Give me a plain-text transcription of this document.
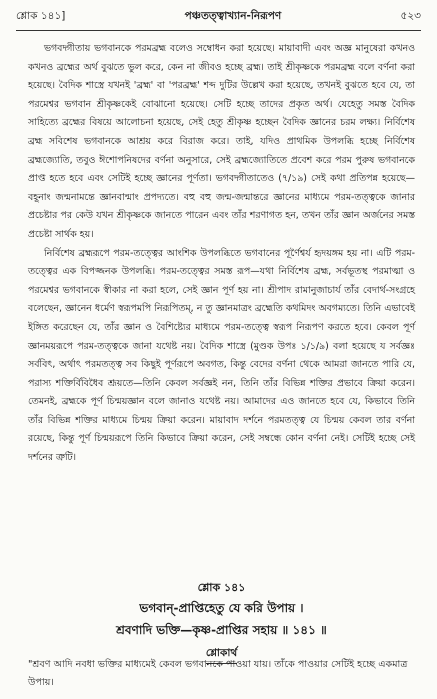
শ্লোক ১৪১]	পঞ্চতত্ত্বাখ্যান-নিরূপণ	৫২৩

ভগবদ্গীতায় ভগবানকে পরমব্রহ্ম বলেও সম্বোধন করা হয়েছে। মায়াবাদী এবং অজ্ঞ মানুষেরা কখনও কখনও ব্রহ্মের অর্থ বুঝতে ভুল করে, কেন না জীবও হচ্ছে ব্রহ্ম। তাই শ্রীকৃষ্ণকে পরমব্রহ্ম বলে বর্ণনা করা হয়েছে। বৈদিক শাস্ত্রে যখনই 'ব্রহ্ম' বা 'পরব্রহ্ম' শব্দ দুটির উল্লেখ করা হয়েছে, তখনই বুঝতে হবে যে, তা পরমেশ্বর ভগবান শ্রীকৃষ্ণকেই বোঝানো হয়েছে। সেটি হচ্ছে তাদের প্রকৃত অর্থ। যেহেতু সমস্ত বৈদিক সাহিত্যে ব্রহ্মের বিষয়ে আলোচনা হয়েছে, সেই হেতু শ্রীকৃষ্ণ হচ্ছেন বৈদিক জ্ঞানের চরম লক্ষ্য। নির্বিশেষ ব্রহ্ম সবিশেষ ভগবানকে আশ্রয় করে বিরাজ করে। তাই, যদিও প্রাথমিক উপলব্ধি হচ্ছে নির্বিশেষ ব্রহ্মজ্যোতি, তবুও ঈশোপনিষদের বর্ণনা অনুসারে, সেই ব্রহ্মজ্যোতিতে প্রবেশ করে পরম পুরুষ ভগবানকে প্রাপ্ত হতে হবে এবং সেটিই হচ্ছে জ্ঞানের পূর্ণতা। ভগবদ্গীতাতেও (৭/১৯) সেই কথা প্রতিপন্ন হয়েছে—বহূনাং জন্মনামন্তে জ্ঞানবান্মাং প্রপদ্যতে। বহু বহু জন্ম-জন্মান্তরে জ্ঞানের মাধ্যমে পরম-তত্ত্বকে জানার প্রচেষ্টার পর কেউ যখন শ্রীকৃষ্ণকে জানতে পারেন এবং তাঁর শরণাগত হন, তখন তাঁর জ্ঞান অর্জনের সমস্ত প্রচেষ্টা সার্থক হয়।

নির্বিশেষ ব্রহ্মরূপে পরম-তত্ত্বের আংশিক উপলব্ধিতে ভগবানের পূর্ণৈশ্বর্য হৃদয়ঙ্গম হয় না। এটি পরম-তত্ত্বের এক বিপজ্জনক উপলব্ধি। পরম-তত্ত্বের সমস্ত রূপ—যথা নির্বিশেষ ব্রহ্ম, সর্বভূতস্থ পরমাত্মা ও পরমেশ্বর ভগবানকে স্বীকার না করা হলে, সেই জ্ঞান পূর্ণ হয় না। শ্রীপাদ রামানুজাচার্য তাঁর বেদার্থ-সংগ্রহে বলেছেন, জ্ঞানেন ধর্মেণ স্বরূপমপি নিরূপিতম্, ন তু জ্ঞানমাত্রং ব্রহ্মেতি কথমিদং অবগম্যতে। তিনি এভাবেই ইঙ্গিত করেছেন যে, তাঁর জ্ঞান ও বৈশিষ্ট্যের মাধ্যমে পরম-তত্ত্বে স্বরূপ নিরূপণ করতে হবে। কেবল পূর্ণ জ্ঞানময়রূপে পরম-তত্ত্বকে জানা যথেষ্ট নয়। বৈদিক শাস্ত্রে (মুণ্ডক উপঃ ১/১/৯) বলা হয়েছে য সর্বজ্ঞঃ সর্ববিৎ, অর্থাৎ পরমতত্ত্ব সব কিছুই পূর্ণরূপে অবগত, কিন্তু বেদের বর্ণনা থেকে আমরা জানতে পারি যে, পরাস্য শক্তির্বিবিধৈব শ্রূয়তে—তিনি কেবল সর্বজ্ঞই নন, তিনি তাঁর বিভিন্ন শক্তির প্রভাবে ক্রিয়া করেন। তেমনই, ব্রহ্মকে পূর্ণ চিন্ময়জ্ঞান বলে জানাও যথেষ্ট নয়। আমাদের এও জানতে হবে যে, কিভাবে তিনি তাঁর বিভিন্ন শক্তির মাধ্যমে চিন্ময় ক্রিয়া করেন। মায়াবাদ দর্শনে পরমতত্ত্ব যে চিন্ময় কেবল তার বর্ণনা রয়েছে, কিন্তু পূর্ণ চিন্ময়রূপে তিনি কিভাবে ক্রিয়া করেন, সেই সম্বন্ধে কোন বর্ণনা নেই। সেটিই হচ্ছে সেই দর্শনের ত্রুটি।

শ্লোক ১৪১
ভগবান্-প্রাপ্তিহেতু যে করি উপায় ।
শ্রবণাদি ভক্তি—কৃষ্ণ-প্রাপ্তির সহায় ॥ ১৪১ ॥
শ্লোকার্থ
"শ্রবণ আদি নবধা ভক্তির মাধ্যমেই কেবল ভগবানকে পাওয়া যায়। তাঁকে পাওয়ার সেটিই হচ্ছে একমাত্র উপায়।
